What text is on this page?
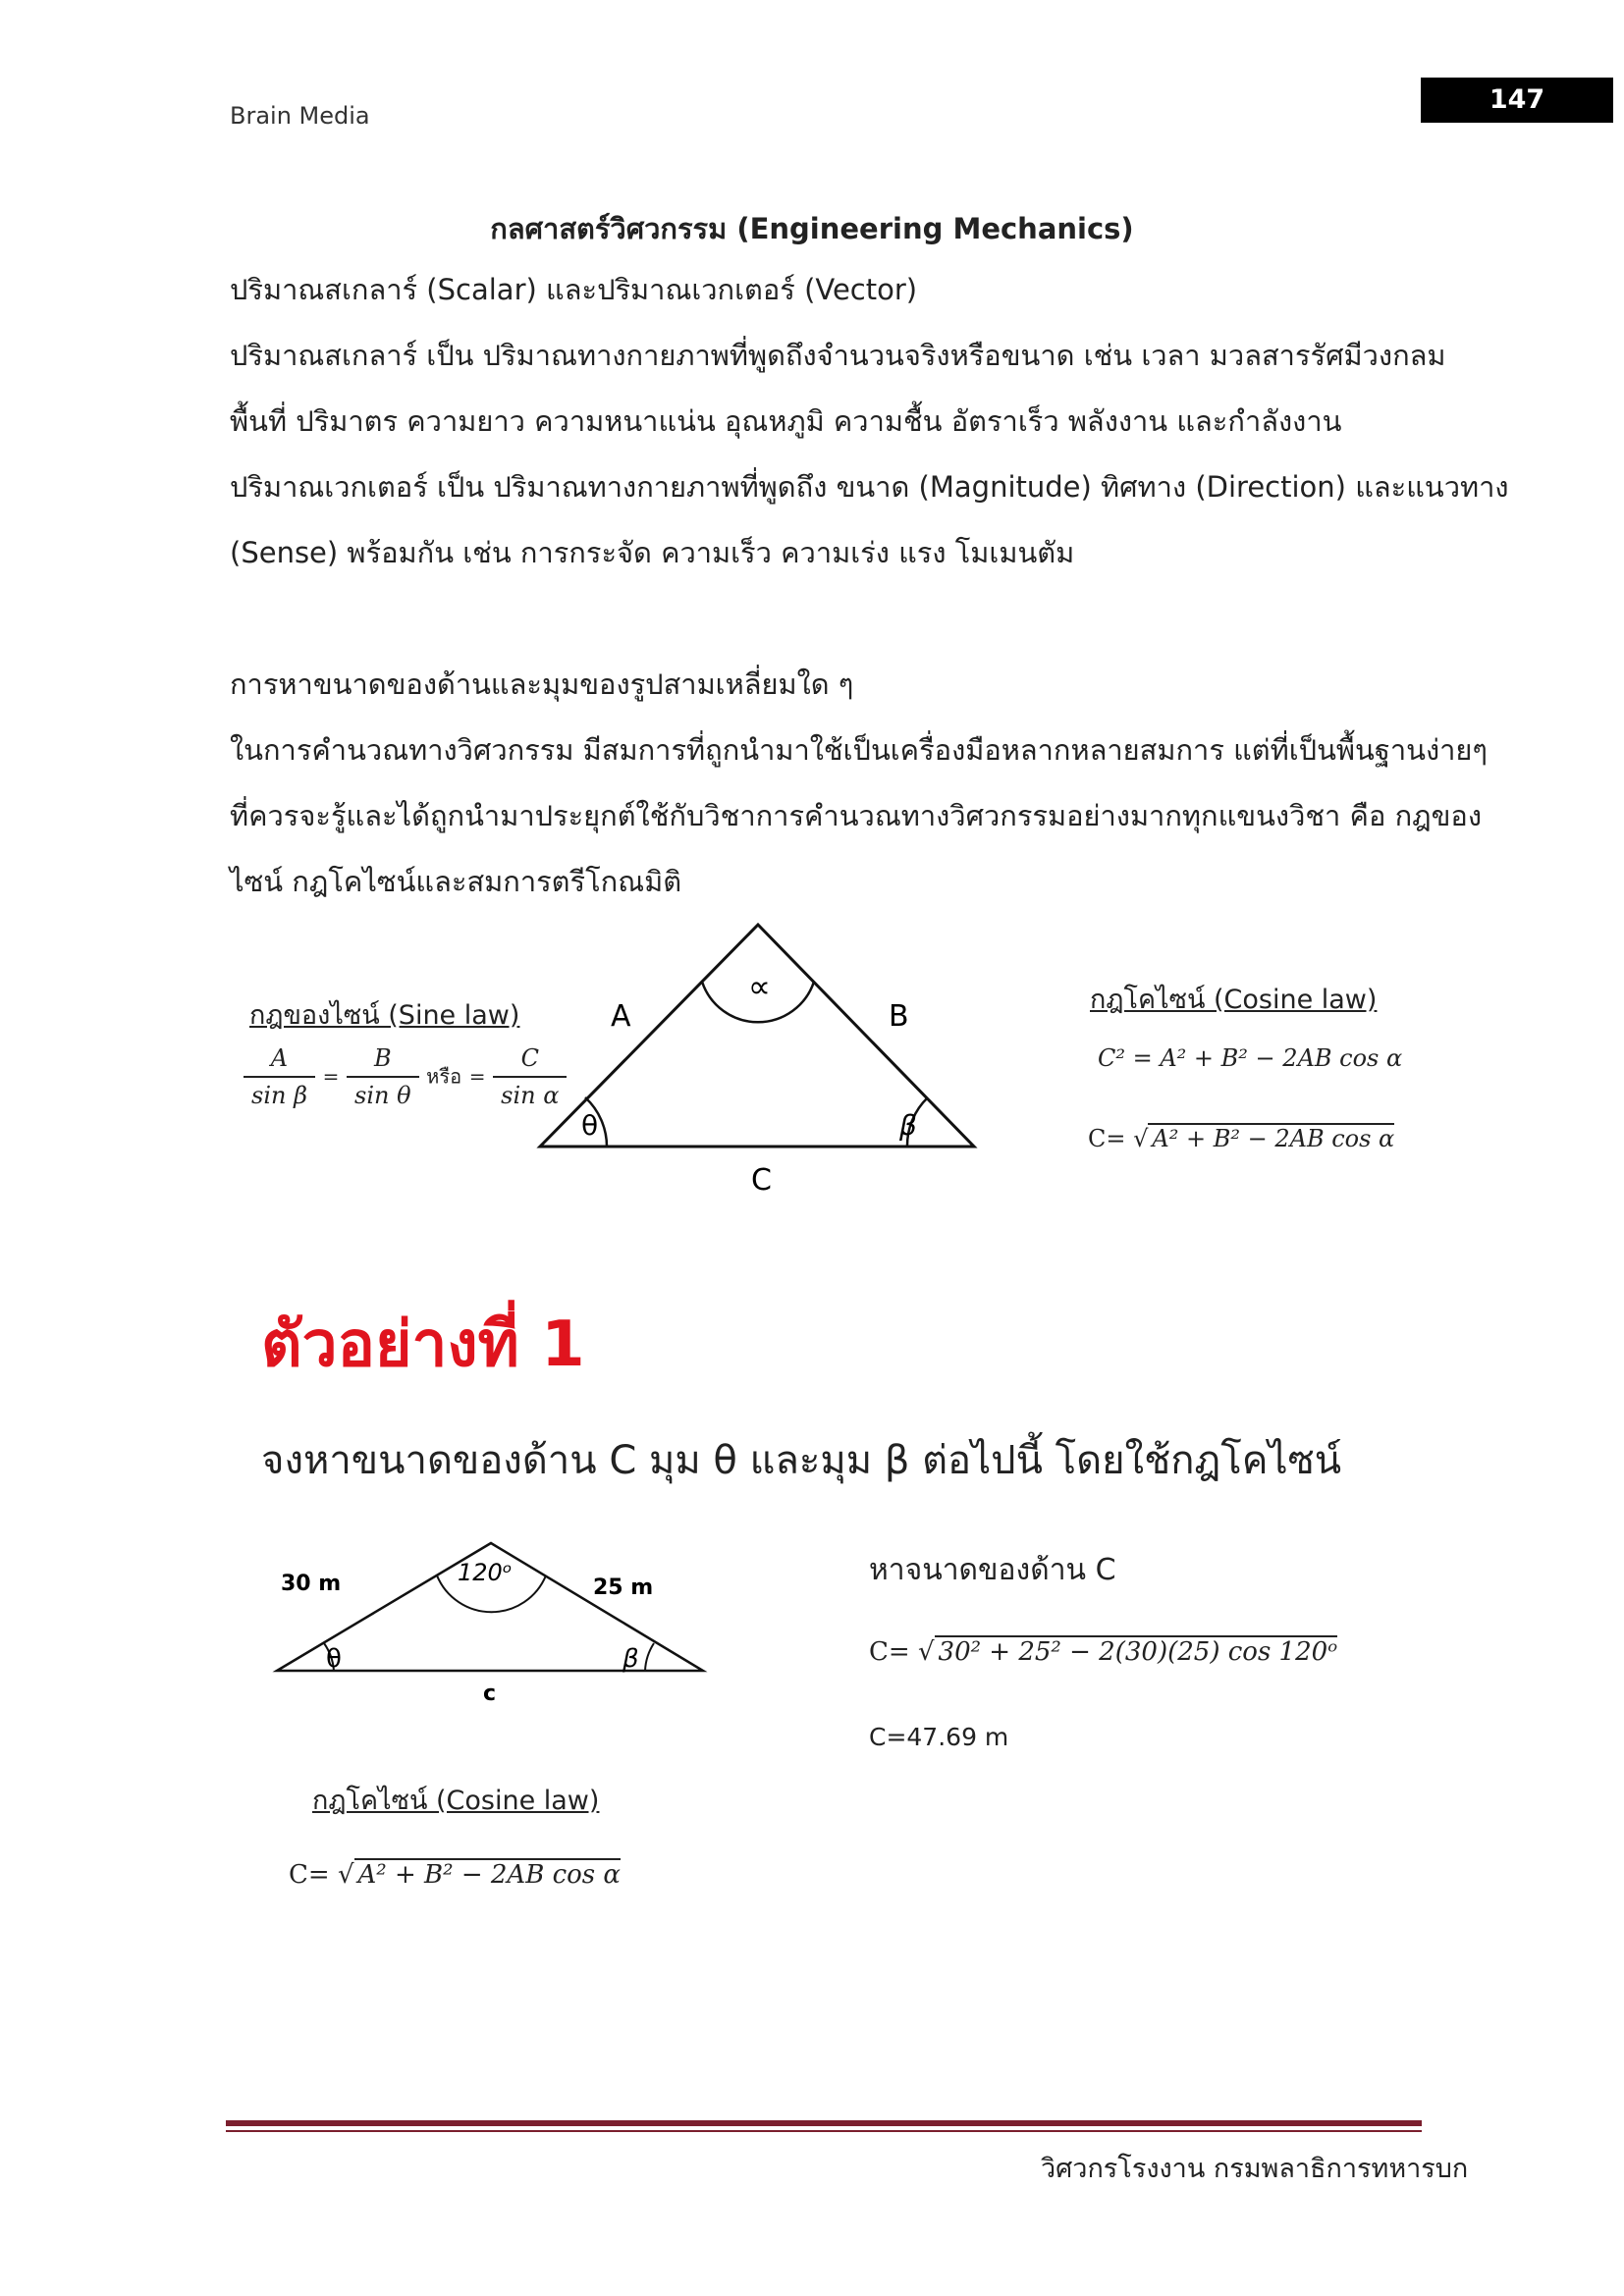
Brain Media
147
กลศาสตร์วิศวกรรม (Engineering Mechanics)
ปริมาณสเกลาร์ (Scalar) และปริมาณเวกเตอร์ (Vector)
ปริมาณสเกลาร์ เป็น ปริมาณทางกายภาพที่พูดถึงจำนวนจริงหรือขนาด เช่น เวลา มวลสารรัศมีวงกลม
พื้นที่ ปริมาตร ความยาว ความหนาแน่น อุณหภูมิ ความชื้น อัตราเร็ว พลังงาน และกำลังงาน
ปริมาณเวกเตอร์ เป็น ปริมาณทางกายภาพที่พูดถึง ขนาด (Magnitude) ทิศทาง (Direction) และแนวทาง
(Sense) พร้อมกัน เช่น การกระจัด ความเร็ว ความเร่ง แรง โมเมนตัม
การหาขนาดของด้านและมุมของรูปสามเหลี่ยมใด ๆ
ในการคำนวณทางวิศวกรรม มีสมการที่ถูกนำมาใช้เป็นเครื่องมือหลากหลายสมการ แต่ที่เป็นพื้นฐานง่ายๆ
ที่ควรจะรู้และได้ถูกนำมาประยุกต์ใช้กับวิชาการคำนวณทางวิศวกรรมอย่างมากทุกแขนงวิชา คือ กฎของ
ไซน์ กฎโคไซน์และสมการตรีโกณมิติ
กฎของไซน์ (Sine law)
$\frac{A}{\text{sin β}} = \frac{B}{\text{sin θ}}$ หรือ = $\frac{C}{\text{sin α}}$
A	B
C
∝
θ	β
กฎโคไซน์ (Cosine law)
C² = A² + B² − 2AB cos α
C= √ A² + B² − 2AB cos α
ตัวอย่างที่ 1
จงหาขนาดของด้าน C มุม θ และมุม β ต่อไปนี้ โดยใช้กฎโคไซน์
30 m	25 m
c
120ᵒ
θ	β
หาจนาดของด้าน C
C= √ 30² + 25² − 2(30)(25) cos 120ᵒ
C=47.69 m
กฎโคไซน์ (Cosine law)
C= √ A² + B² − 2AB cos α
วิศวกรโรงงาน กรมพลาธิการทหารบก
